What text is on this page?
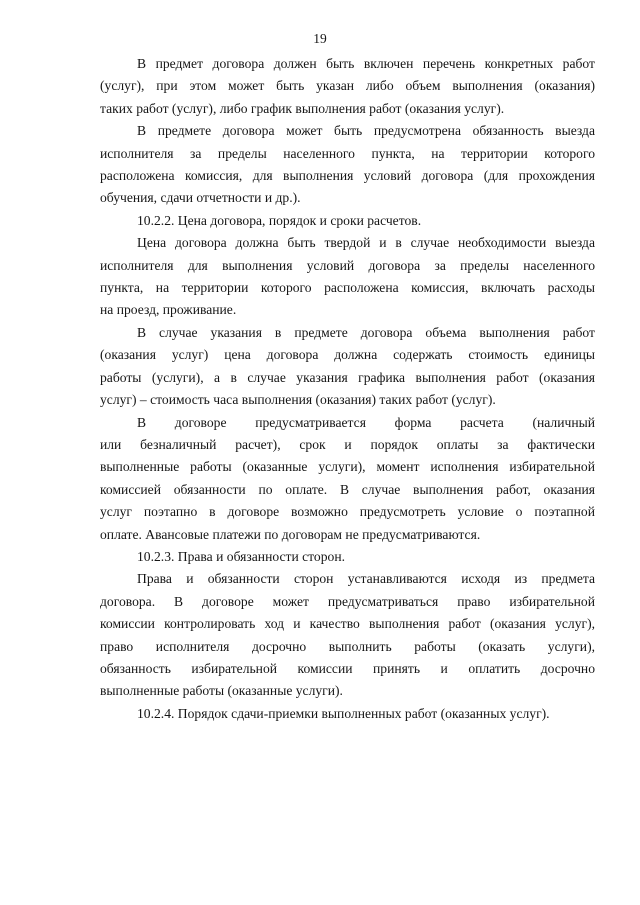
19

В предмет договора должен быть включен перечень конкретных работ
(услуг), при этом может быть указан либо объем выполнения (оказания)
таких работ (услуг), либо график выполнения работ (оказания услуг).

В предмете договора может быть предусмотрена обязанность выезда
исполнителя за пределы населенного пункта, на территории которого
расположена комиссия, для выполнения условий договора (для прохождения
обучения, сдачи отчетности и др.).

10.2.2. Цена договора, порядок и сроки расчетов.

Цена договора должна быть твердой и в случае необходимости выезда
исполнителя для выполнения условий договора за пределы населенного
пункта, на территории которого расположена комиссия, включать расходы
на проезд, проживание.

В случае указания в предмете договора объема выполнения работ
(оказания услуг) цена договора должна содержать стоимость единицы
работы (услуги), а в случае указания графика выполнения работ (оказания
услуг) – стоимость часа выполнения (оказания) таких работ (услуг).

В договоре предусматривается форма расчета (наличный
или безналичный расчет), срок и порядок оплаты за фактически
выполненные работы (оказанные услуги), момент исполнения избирательной
комиссией обязанности по оплате. В случае выполнения работ, оказания
услуг поэтапно в договоре возможно предусмотреть условие о поэтапной
оплате. Авансовые платежи по договорам не предусматриваются.

10.2.3. Права и обязанности сторон.

Права и обязанности сторон устанавливаются исходя из предмета
договора. В договоре может предусматриваться право избирательной
комиссии контролировать ход и качество выполнения работ (оказания услуг),
право исполнителя досрочно выполнить работы (оказать услуги),
обязанность избирательной комиссии принять и оплатить досрочно
выполненные работы (оказанные услуги).

10.2.4. Порядок сдачи-приемки выполненных работ (оказанных услуг).
